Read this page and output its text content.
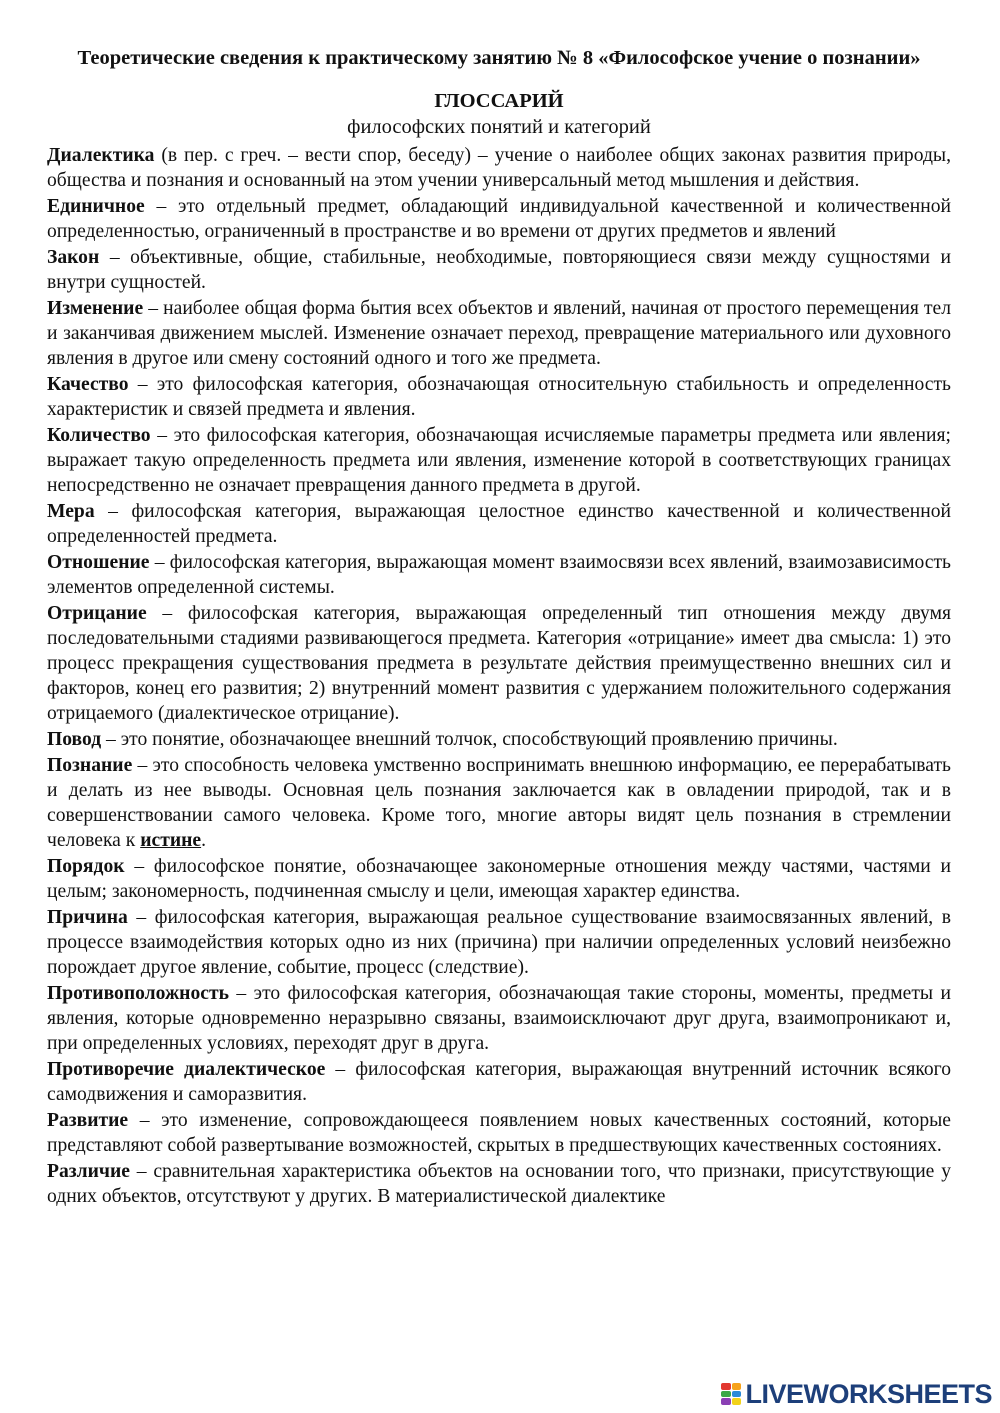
Теоретические сведения к практическому занятию № 8 «Философское учение о познании»

ГЛОССАРИЙ

философских понятий и категорий

Диалектика (в пер. с греч. – вести спор, беседу) – учение о наиболее общих законах развития природы, общества и познания и основанный на этом учении универсальный метод мышления и действия.

Единичное – это отдельный предмет, обладающий индивидуальной качественной и количественной определенностью, ограниченный в пространстве и во времени от других предметов и явлений

Закон – объективные, общие, стабильные, необходимые, повторяющиеся связи между сущностями и внутри сущностей.

Изменение – наиболее общая форма бытия всех объектов и явлений, начиная от простого перемещения тел и заканчивая движением мыслей. Изменение означает переход, превращение материального или духовного явления в другое или смену состояний одного и того же предмета.

Качество – это философская категория, обозначающая относительную стабильность и определенность характеристик и связей предмета и явления.

Количество – это философская категория, обозначающая исчисляемые параметры предмета или явления; выражает такую определенность предмета или явления, изменение которой в соответствующих границах непосредственно не означает превращения данного предмета в другой.

Мера – философская категория, выражающая целостное единство качественной и количественной определенностей предмета.

Отношение – философская категория, выражающая момент взаимосвязи всех явлений, взаимозависимость элементов определенной системы.

Отрицание – философская категория, выражающая определенный тип отношения между двумя последовательными стадиями развивающегося предмета. Категория «отрицание» имеет два смысла: 1) это процесс прекращения существования предмета в результате действия преимущественно внешних сил и факторов, конец его развития; 2) внутренний момент развития с удержанием положительного содержания отрицаемого (диалектическое отрицание).

Повод – это понятие, обозначающее внешний толчок, способствующий проявлению причины.

Познание – это способность человека умственно воспринимать внешнюю информацию, ее перерабатывать и делать из нее выводы. Основная цель познания заключается как в овладении природой, так и в совершенствовании самого человека. Кроме того, многие авторы видят цель познания в стремлении человека к истине.

Порядок – философское понятие, обозначающее закономерные отношения между частями, частями и целым; закономерность, подчиненная смыслу и цели, имеющая характер единства.

Причина – философская категория, выражающая реальное существование взаимосвязанных явлений, в процессе взаимодействия которых одно из них (причина) при наличии определенных условий неизбежно порождает другое явление, событие, процесс (следствие).

Противоположность – это философская категория, обозначающая такие стороны, моменты, предметы и явления, которые одновременно неразрывно связаны, взаимоисключают друг друга, взаимопроникают и, при определенных условиях, переходят друг в друга.

Противоречие диалектическое – философская категория, выражающая внутренний источник всякого самодвижения и саморазвития.

Развитие – это изменение, сопровождающееся появлением новых качественных состояний, которые представляют собой развертывание возможностей, скрытых в предшествующих качественных состояниях.

Различие – сравнительная характеристика объектов на основании того, что признаки, присутствующие у одних объектов, отсутствуют у других. В материалистической диалектике

LIVEWORKSHEETS
